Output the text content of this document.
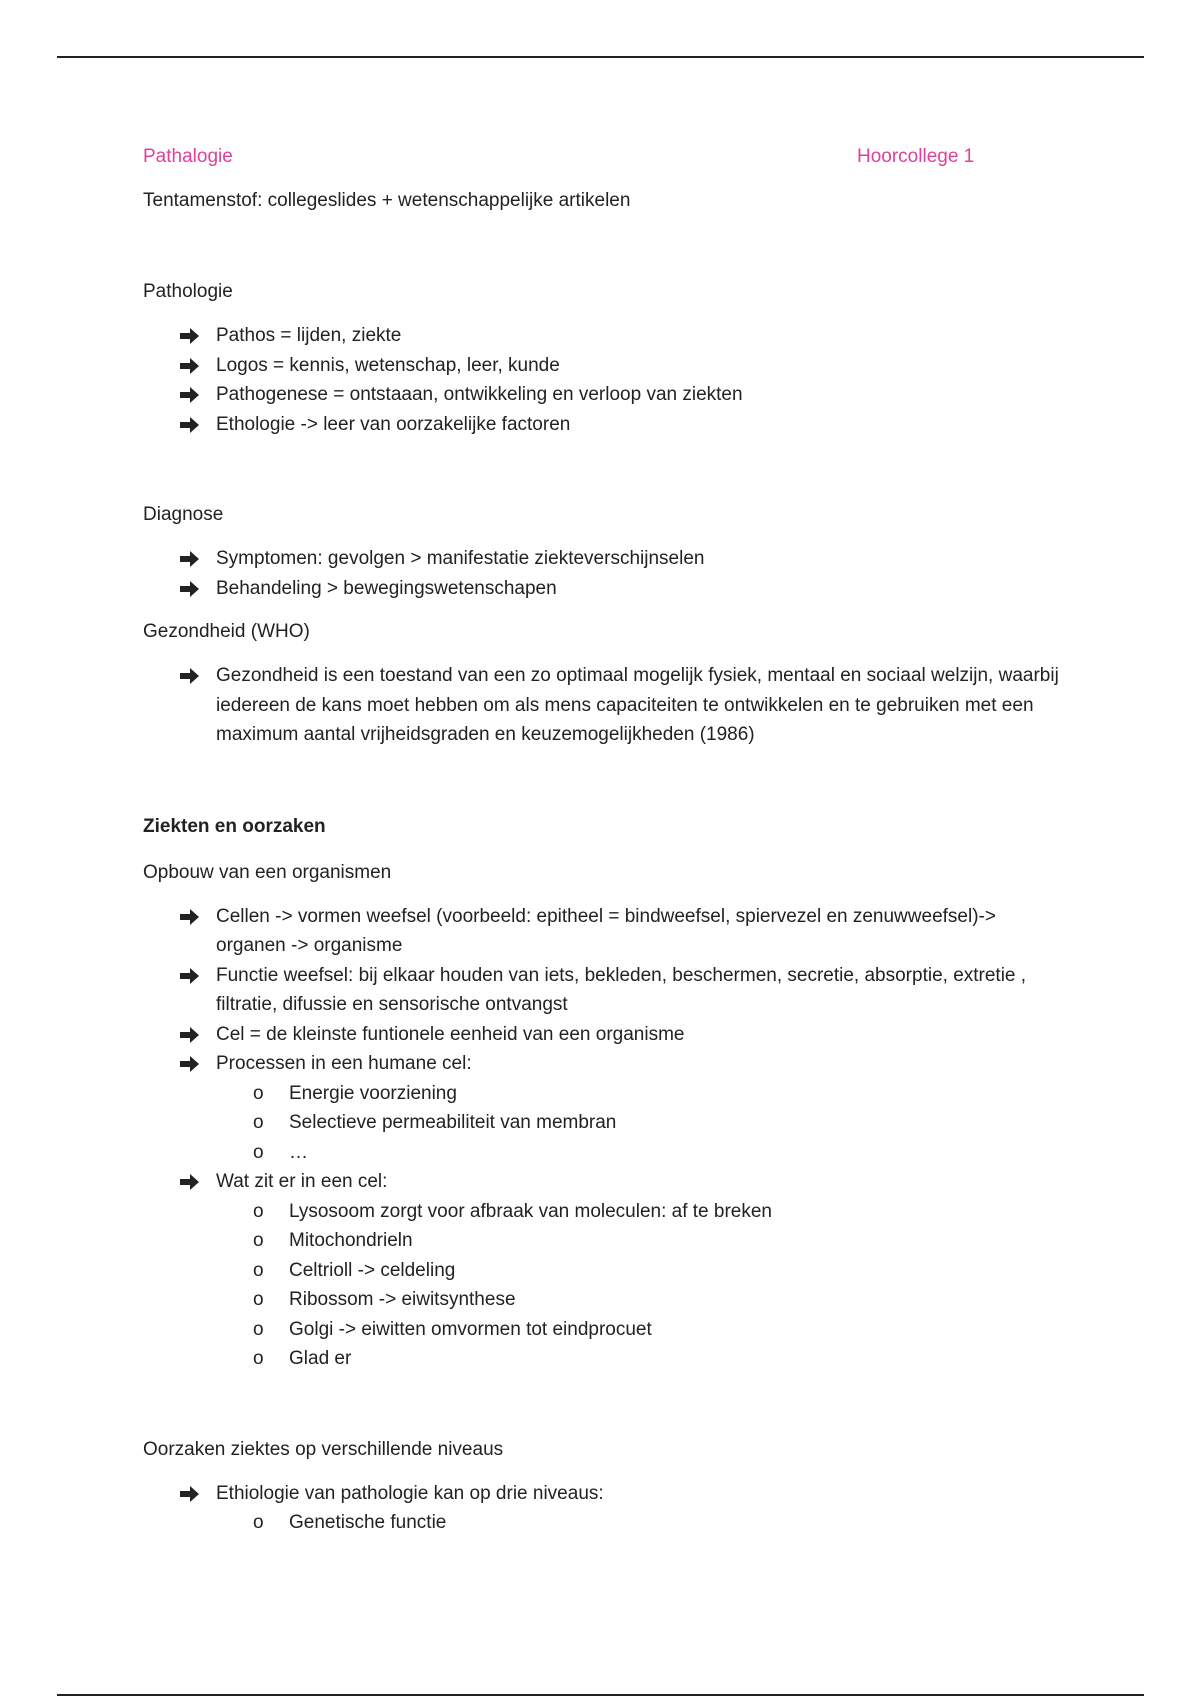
Pathalogie	Hoorcollege 1

Tentamenstof: collegeslides + wetenschappelijke artikelen

Pathologie

Pathos = lijden, ziekte
Logos = kennis, wetenschap, leer, kunde
Pathogenese = ontstaaan, ontwikkeling en verloop van ziekten
Ethologie -> leer van oorzakelijke factoren

Diagnose

Symptomen: gevolgen > manifestatie ziekteverschijnselen
Behandeling > bewegingswetenschapen

Gezondheid (WHO)

Gezondheid is een toestand van een zo optimaal mogelijk fysiek, mentaal en sociaal welzijn, waarbij iedereen de kans moet hebben om als mens capaciteiten te ontwikkelen en te gebruiken met een maximum aantal vrijheidsgraden en keuzemogelijkheden (1986)

Ziekten en oorzaken

Opbouw van een organismen

Cellen -> vormen weefsel (voorbeeld: epitheel = bindweefsel, spiervezel en zenuwweefsel)-> organen -> organisme
Functie weefsel: bij elkaar houden van iets, bekleden, beschermen, secretie, absorptie, extretie , filtratie, difussie en sensorische ontvangst
Cel = de kleinste funtionele eenheid van een organisme
Processen in een humane cel:
o Energie voorziening
o Selectieve permeabiliteit van membran
o …
Wat zit er in een cel:
o Lysosoom zorgt voor afbraak van moleculen: af te breken
o Mitochondrieln
o Celtrioll -> celdeling
o Ribossom -> eiwitsynthese
o Golgi -> eiwitten omvormen tot eindprocuet
o Glad er

Oorzaken ziektes op verschillende niveaus

Ethiologie van pathologie kan op drie niveaus:
o Genetische functie
